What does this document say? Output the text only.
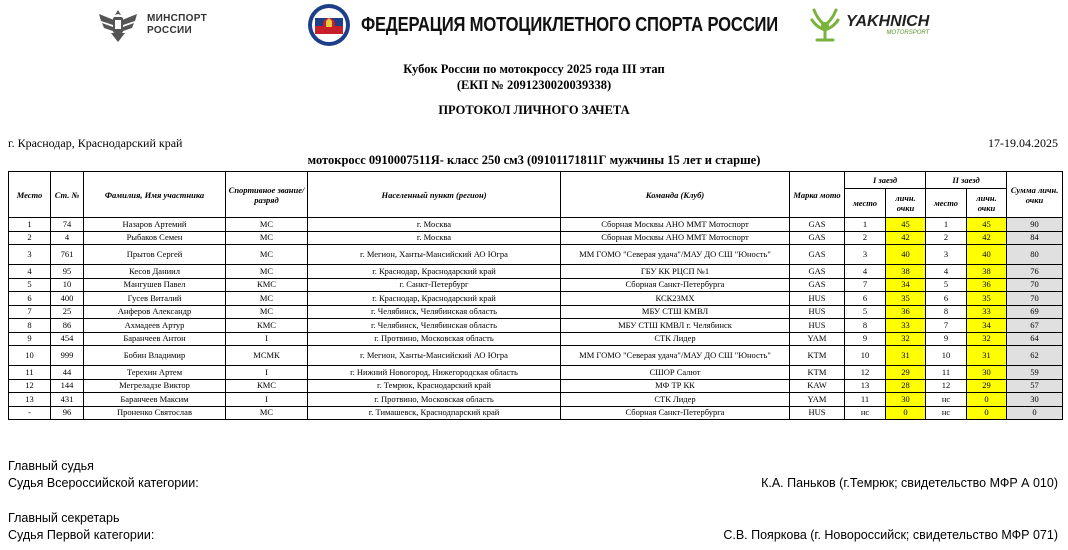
МИНСПОРТ
РОССИИ	ФЕДЕРАЦИЯ МОТОЦИКЛЕТНОГО СПОРТА РОССИИ	YAKHNICH
MOTORSPORT
Кубок России по мотокроссу 2025 года III этап
(ЕКП № 2091230020039338)
ПРОТОКОЛ ЛИЧНОГО ЗАЧЕТА
г. Краснодар, Краснодарский край	17-19.04.2025
мотокросс 0910007511Я- класс 250 см3 (09101171811Г мужчины 15 лет и старше)
Место	Ст. №	Фамилия, Имя участника	Спортивное звание/разряд	Населенный пункт (регион)	Команда (Клуб)	Марка мото	I заезд		II заезд		Сумма личн. очки
							место	личн. очки	место	личн. очки	
1	74	Назаров Артемий	МС	г. Москва	Сборная Москвы АНО ММТ Мотоспорт	GAS	1	45	1	45	90
2	4	Рыбаков Семен	МС	г. Москва	Сборная Москвы АНО ММТ Мотоспорт	GAS	2	42	2	42	84
3	761	Прытов Сергей	МС	г. Мегион, Ханты-Мансийский АО Югра	ММ ГОМО "Северая удача"/МАУ ДО СШ "Юность"	GAS	3	40	3	40	80
4	95	Кесов Даниил	МС	г. Краснодар, Краснодарский край	ГБУ КК РЦСП №1	GAS	4	38	4	38	76
5	10	Мангушев Павел	КМС	г. Санкт-Петербург	Сборная Санкт-Петербурга	GAS	7	34	5	36	70
6	400	Гусев Виталий	МС	г. Краснодар, Краснодарский край	КСК23МХ	HUS	6	35	6	35	70
7	25	Анферов Александр	МС	г. Челябинск, Челябинская область	МБУ СТШ КМВЛ	HUS	5	36	8	33	69
8	86	Ахмадеев Артур	КМС	г. Челябинск, Челябинская область	МБУ СТШ КМВЛ г. Челябинск	HUS	8	33	7	34	67
9	454	Баранчеев Антон	I	г. Протвино, Московская область	СТК Лидер	YAM	9	32	9	32	64
10	999	Бобин Владимир	МСМК	г. Мегион, Ханты-Мансийский АО Югра	ММ ГОМО "Северая удача"/МАУ ДО СШ "Юность"	KTM	10	31	10	31	62
11	44	Терехин Артем	I	г. Нижний Новогород, Нижегородская область	СШОР Салют	KTM	12	29	11	30	59
12	144	Мегреладзе Виктор	КМС	г. Темрюк, Краснодарский край	МФ ТР КК	KAW	13	28	12	29	57
13	431	Баранчеев Максим	I	г. Протвино, Московская область	СТК Лидер	YAM	11	30	нс	0	30
-	96	Проненко Святослав	МС	г. Тимашевск, Краснодпарский край	Сборная Санкт-Петербурга	HUS	нс	0	нс	0	0
Главный судья
Судья Всероссийской категории:	К.А. Паньков (г.Темрюк; свидетельство МФР А 010)
Главный секретарь
Судья Первой категории:	С.В. Пояркова (г. Новороссийск; свидетельство МФР 071)
